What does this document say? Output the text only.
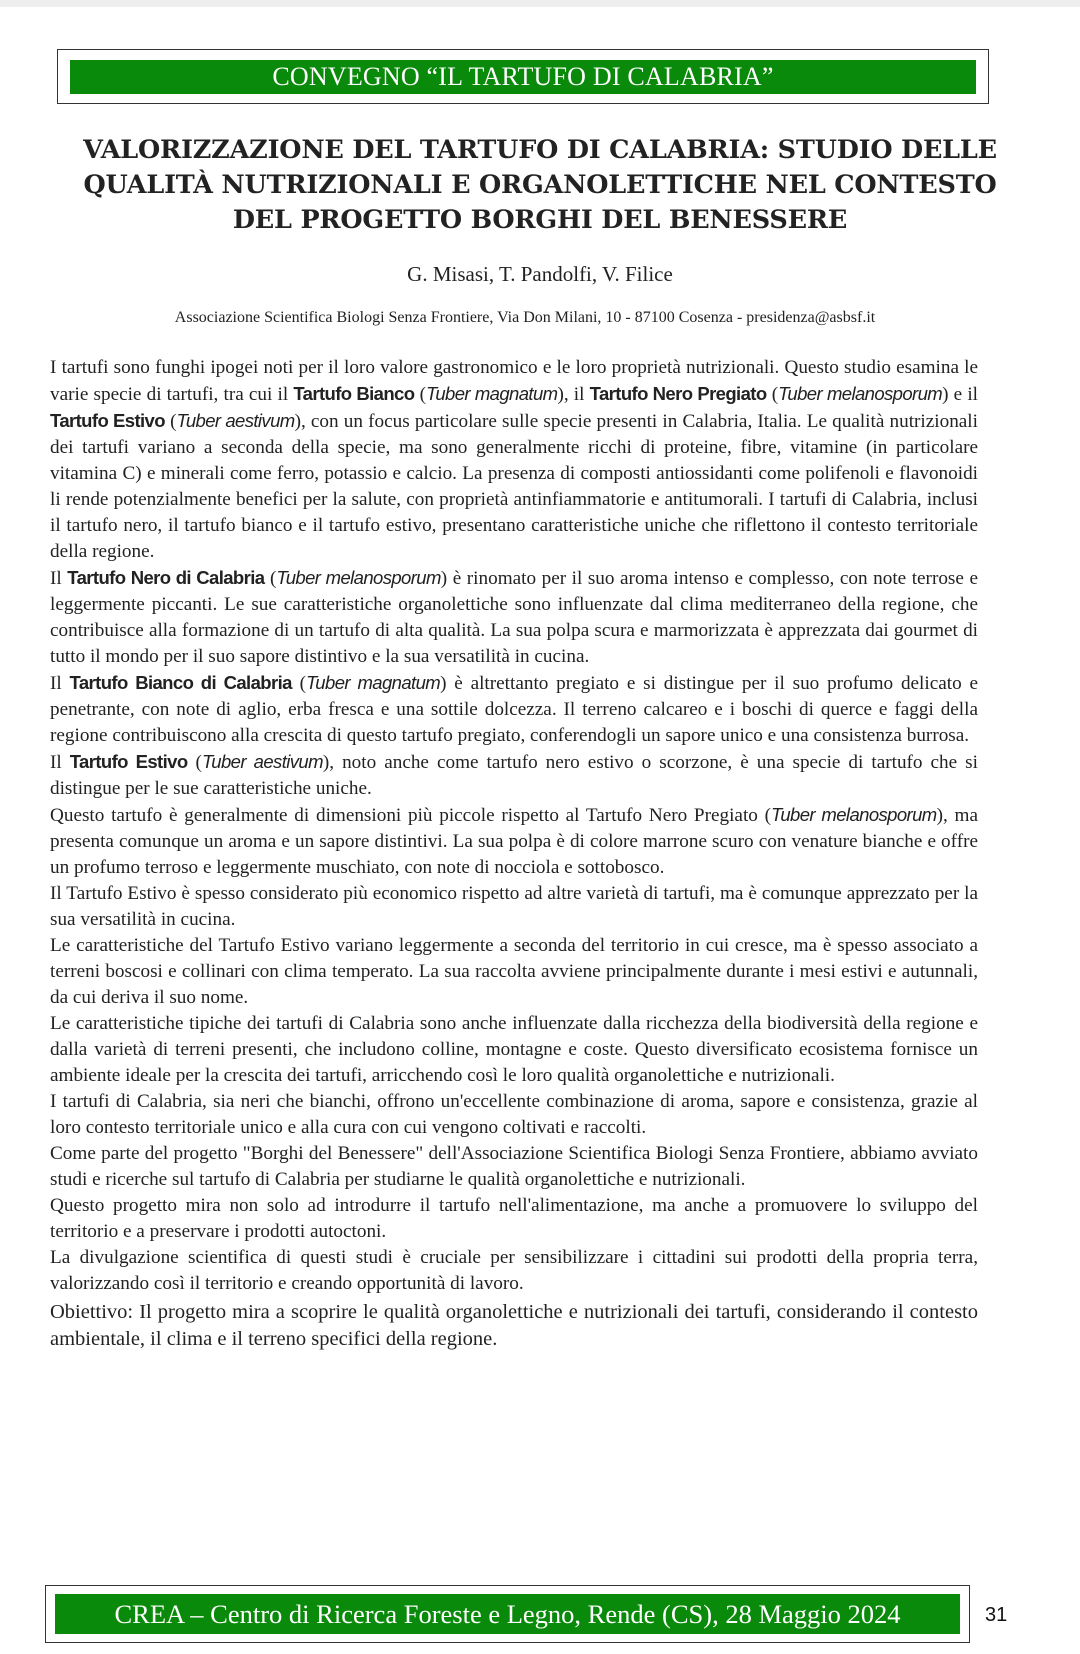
CONVEGNO “IL TARTUFO DI CALABRIA”
VALORIZZAZIONE DEL TARTUFO DI CALABRIA: STUDIO DELLE
QUALITÀ NUTRIZIONALI E ORGANOLETTICHE NEL CONTESTO
DEL PROGETTO BORGHI DEL BENESSERE
G. Misasi, T. Pandolfi, V. Filice
Associazione Scientifica Biologi Senza Frontiere, Via Don Milani, 10 - 87100 Cosenza - presidenza@asbsf.it

I tartufi sono funghi ipogei noti per il loro valore gastronomico e le loro proprietà nutrizionali. Questo studio esamina le varie specie di tartufi, tra cui il Tartufo Bianco (Tuber magnatum), il Tartufo Nero Pregiato (Tuber melanosporum) e il Tartufo Estivo (Tuber aestivum), con un focus particolare sulle specie presenti in Calabria, Italia. Le qualità nutrizionali dei tartufi variano a seconda della specie, ma sono generalmente ricchi di proteine, fibre, vitamine (in particolare vitamina C) e minerali come ferro, potassio e calcio. La presenza di composti antiossidanti come polifenoli e flavonoidi li rende potenzialmente benefici per la salute, con proprietà antinfiammatorie e antitumorali. I tartufi di Calabria, inclusi il tartufo nero, il tartufo bianco e il tartufo estivo, presentano caratteristiche uniche che riflettono il contesto territoriale della regione.

Il Tartufo Nero di Calabria (Tuber melanosporum) è rinomato per il suo aroma intenso e complesso, con note terrose e leggermente piccanti. Le sue caratteristiche organolettiche sono influenzate dal clima mediterraneo della regione, che contribuisce alla formazione di un tartufo di alta qualità. La sua polpa scura e marmorizzata è apprezzata dai gourmet di tutto il mondo per il suo sapore distintivo e la sua versatilità in cucina.

Il Tartufo Bianco di Calabria (Tuber magnatum) è altrettanto pregiato e si distingue per il suo profumo delicato e penetrante, con note di aglio, erba fresca e una sottile dolcezza. Il terreno calcareo e i boschi di querce e faggi della regione contribuiscono alla crescita di questo tartufo pregiato, conferendogli un sapore unico e una consistenza burrosa.

Il Tartufo Estivo (Tuber aestivum), noto anche come tartufo nero estivo o scorzone, è una specie di tartufo che si distingue per le sue caratteristiche uniche.

Questo tartufo è generalmente di dimensioni più piccole rispetto al Tartufo Nero Pregiato (Tuber melanosporum), ma presenta comunque un aroma e un sapore distintivi. La sua polpa è di colore marrone scuro con venature bianche e offre un profumo terroso e leggermente muschiato, con note di nocciola e sottobosco.

Il Tartufo Estivo è spesso considerato più economico rispetto ad altre varietà di tartufi, ma è comunque apprezzato per la sua versatilità in cucina.

Le caratteristiche del Tartufo Estivo variano leggermente a seconda del territorio in cui cresce, ma è spesso associato a terreni boscosi e collinari con clima temperato. La sua raccolta avviene principalmente durante i mesi estivi e autunnali, da cui deriva il suo nome.

Le caratteristiche tipiche dei tartufi di Calabria sono anche influenzate dalla ricchezza della biodiversità della regione e dalla varietà di terreni presenti, che includono colline, montagne e coste. Questo diversificato ecosistema fornisce un ambiente ideale per la crescita dei tartufi, arricchendo così le loro qualità organolettiche e nutrizionali.

I tartufi di Calabria, sia neri che bianchi, offrono un'eccellente combinazione di aroma, sapore e consistenza, grazie al loro contesto territoriale unico e alla cura con cui vengono coltivati e raccolti.

Come parte del progetto "Borghi del Benessere" dell'Associazione Scientifica Biologi Senza Frontiere, abbiamo avviato studi e ricerche sul tartufo di Calabria per studiarne le qualità organolettiche e nutrizionali.

Questo progetto mira non solo ad introdurre il tartufo nell'alimentazione, ma anche a promuovere lo sviluppo del territorio e a preservare i prodotti autoctoni.

La divulgazione scientifica di questi studi è cruciale per sensibilizzare i cittadini sui prodotti della propria terra, valorizzando così il territorio e creando opportunità di lavoro.

Obiettivo: Il progetto mira a scoprire le qualità organolettiche e nutrizionali dei tartufi, considerando il contesto ambientale, il clima e il terreno specifici della regione.

CREA – Centro di Ricerca Foreste e Legno, Rende (CS), 28 Maggio 2024	31
